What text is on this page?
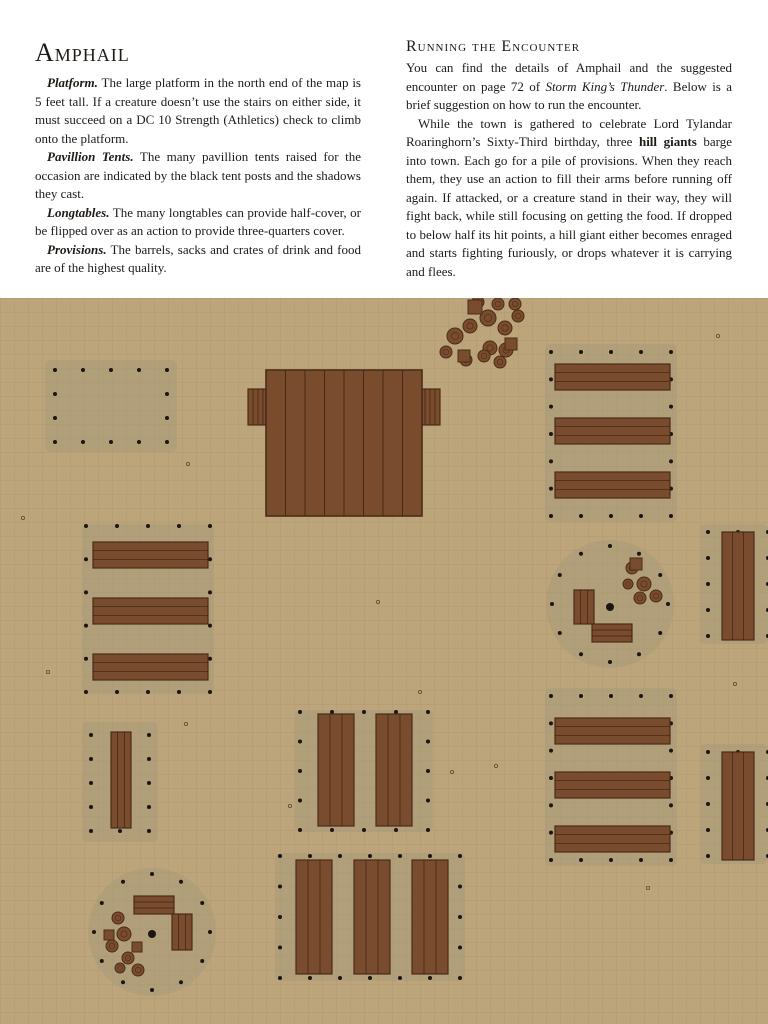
Amphail

Platform. The large platform in the north end of the map is 5 feet tall. If a creature doesn’t use the stairs on either side, it must succeed on a DC 10 Strength (Athletics) check to climb onto the platform.

Pavillion Tents. The many pavillion tents raised for the occasion are indicated by the black tent posts and the shadows they cast.

Longtables. The many longtables can provide half-cover, or be flipped over as an action to provide three-quarters cover.

Provisions. The barrels, sacks and crates of drink and food are of the highest quality.

Running the Encounter

You can find the details of Amphail and the suggested encounter on page 72 of Storm King’s Thunder. Below is a brief suggestion on how to run the encounter.

While the town is gathered to celebrate Lord Tylandar Roaringhorn’s Sixty-Third birthday, three hill giants barge into town. Each go for a pile of provisions. When they reach them, they use an action to fill their arms before running off again. If attacked, or a creature stand in their way, they will fight back, while still focusing on getting the food. If dropped to below half its hit points, a hill giant either becomes enraged and starts fighting furiously, or drops whatever it is carrying and flees.
